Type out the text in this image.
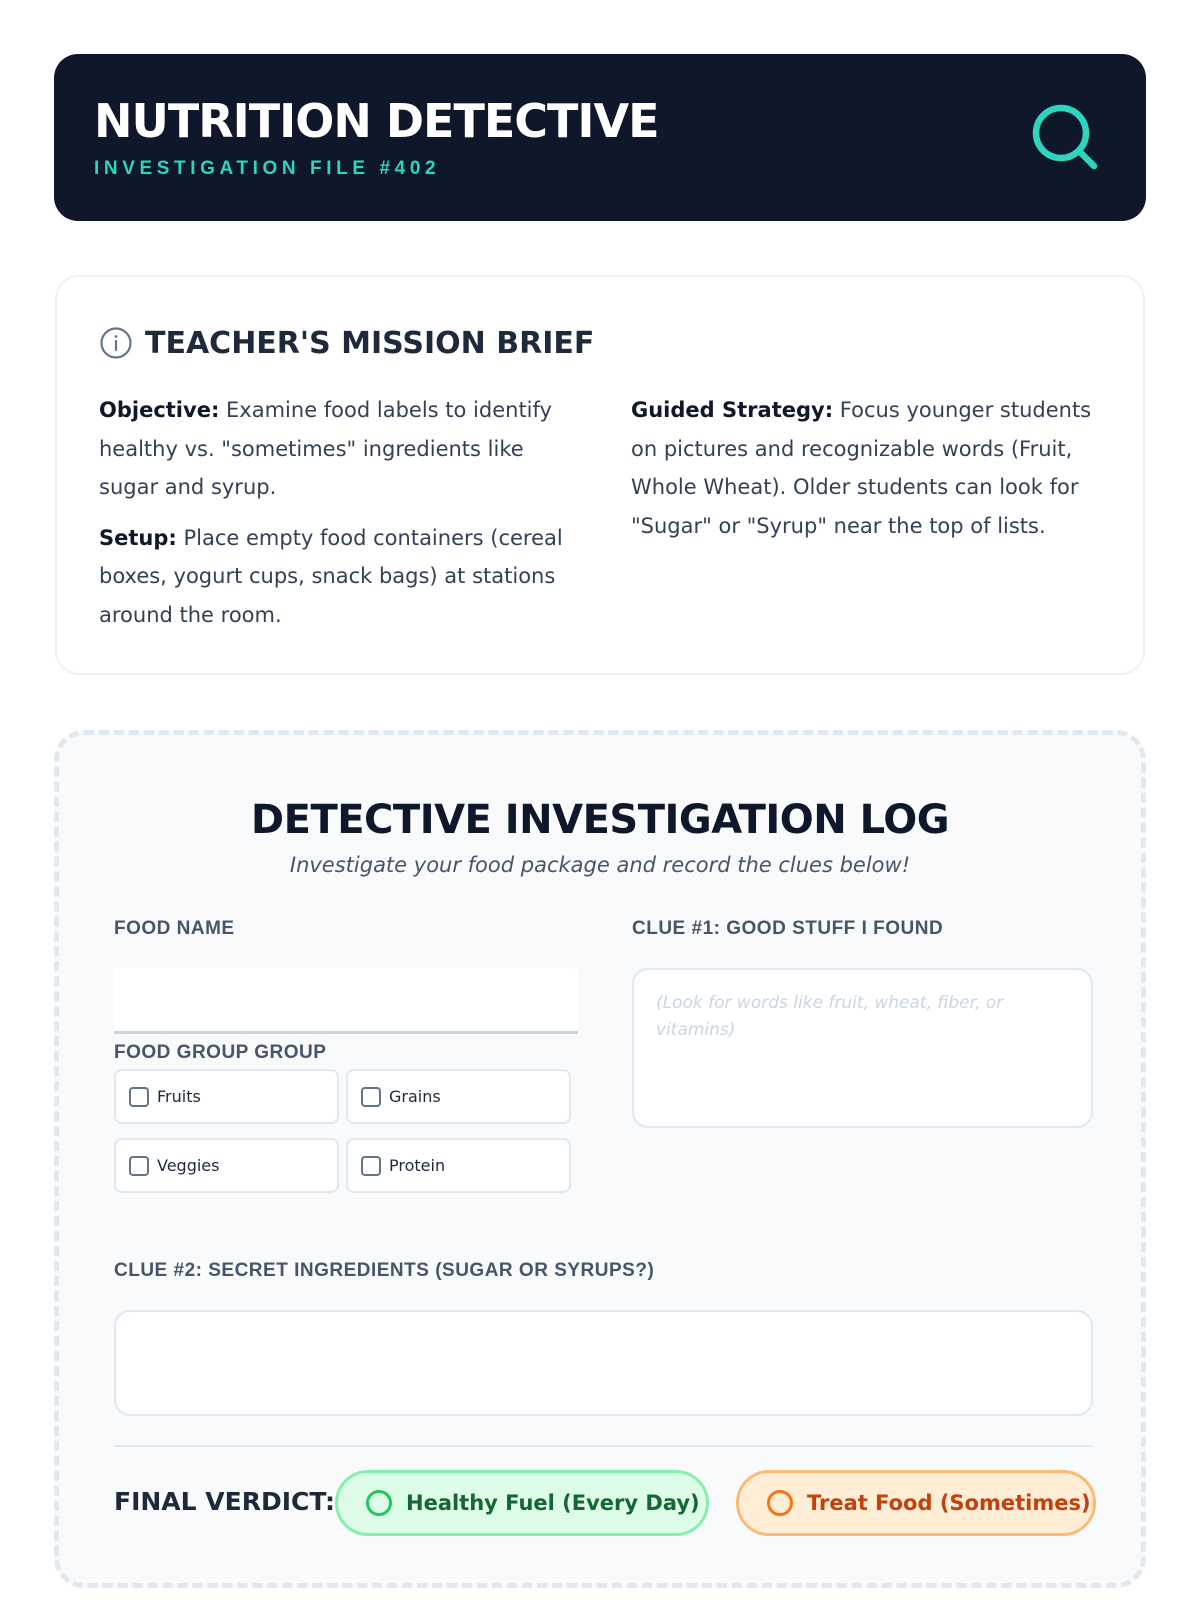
NUTRITION DETECTIVE
INVESTIGATION FILE #402
TEACHER'S MISSION BRIEF

Objective: Examine food labels to identify healthy vs. "sometimes" ingredients like sugar and syrup.

Setup: Place empty food containers (cereal boxes, yogurt cups, snack bags) at stations around the room.

Guided Strategy: Focus younger students on pictures and recognizable words (Fruit, Whole Wheat). Older students can look for "Sugar" or "Syrup" near the top of lists.

DETECTIVE INVESTIGATION LOG
Investigate your food package and record the clues below!
FOOD NAME
FOOD GROUP GROUP
Fruits	Grains
Veggies	Protein
CLUE #1: GOOD STUFF I FOUND
(Look for words like fruit, wheat, fiber, or vitamins)
CLUE #2: SECRET INGREDIENTS (SUGAR OR SYRUPS?)
FINAL VERDICT:	Healthy Fuel (Every Day)	Treat Food (Sometimes)
